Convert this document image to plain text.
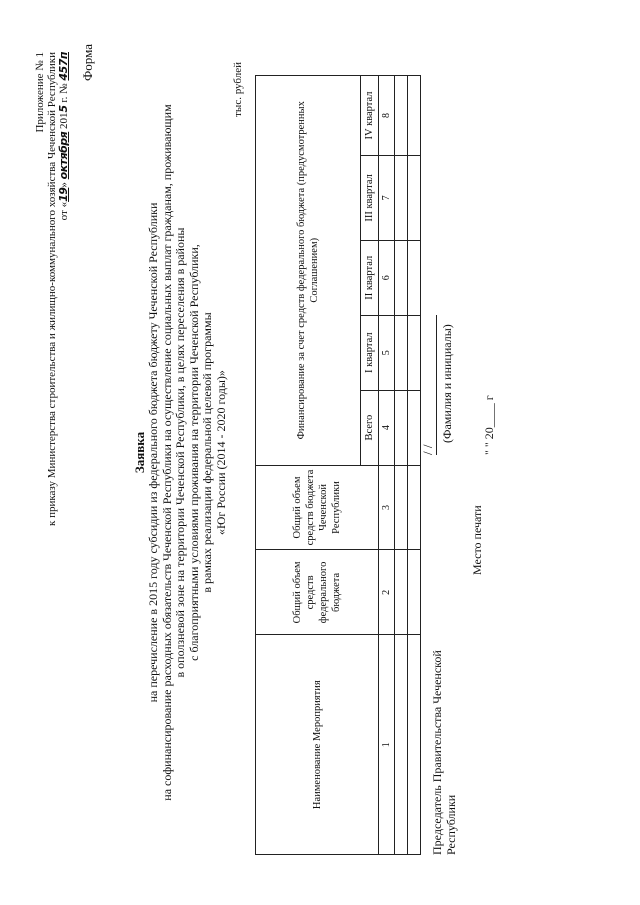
Приложение № 1 к приказу Министерства строительства и жилищно-коммунального хозяйства Чеченской Республики от «19» октября 2015 г. № 457п Форма
Заявка на перечисление в 2015 году субсидии из федерального бюджета бюджету Чеченской Республики на софинансирование расходных обязательств Чеченской Республики на осуществление социальных выплат гражданам, проживающим в оползневой зоне на территории Чеченской Республики, в целях переселения в районы с благоприятными условиями проживания на территории Чеченской Республики, в рамках реализации федеральной целевой программы «Юг России (2014 - 2020 годы)»
тыс. рублей
Наименование Мероприятия	Общий объем средств федерального бюджета	Общий объем средств бюджета Чеченской Республики	Финансирование за счет средств федерального бюджета (предусмотренных Соглашением)				
			Всего	I квартал	II квартал	III квартал	IV квартал
1	2	3	4	5	6	7	8

Председатель Правительства Чеченской Республики
/ /
(Фамилия и инициалы)
Место печати
" " 20____ г
